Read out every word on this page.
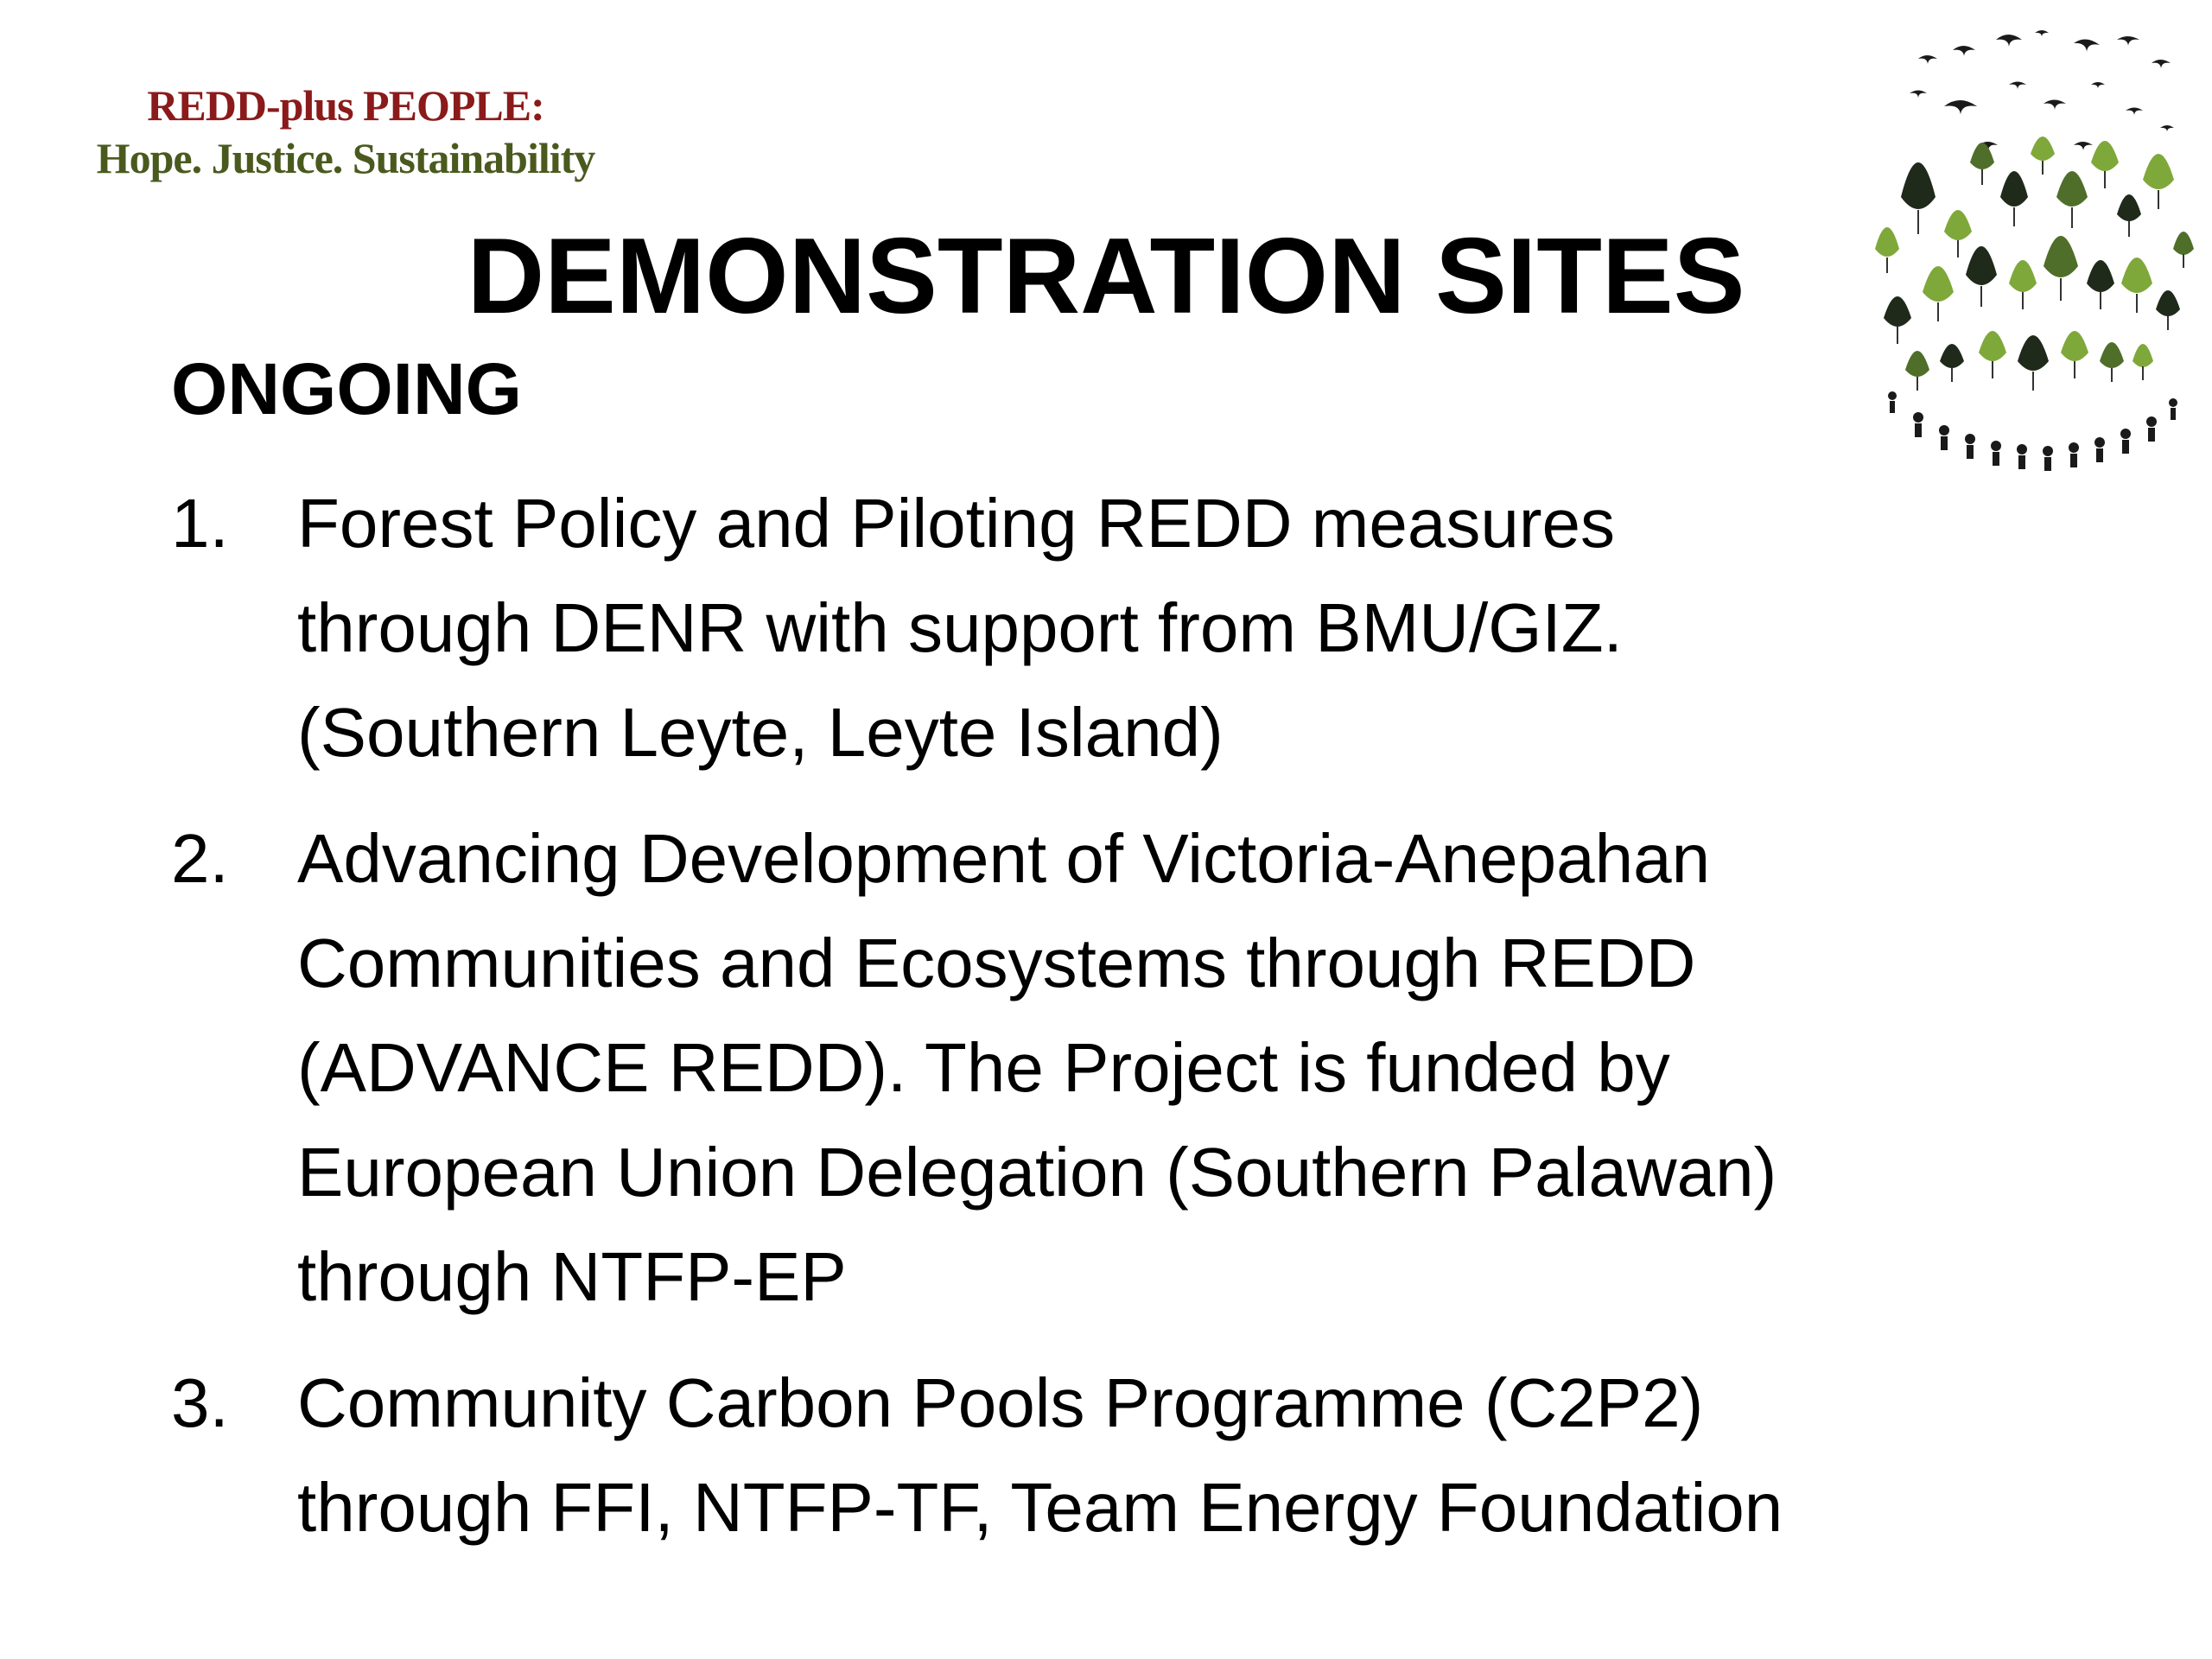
REDD-plus PEOPLE:
Hope. Justice. Sustainability
DEMONSTRATION SITES
ONGOING
1. Forest Policy and Piloting REDD measures
through DENR with support from BMU/GIZ.
(Southern Leyte, Leyte Island)
2. Advancing Development of Victoria-Anepahan
Communities and Ecosystems through REDD
(ADVANCE REDD). The Project is funded by
European Union Delegation (Southern Palawan)
through NTFP-EP
3. Community Carbon Pools Programme (C2P2)
through FFI, NTFP-TF, Team Energy Foundation
